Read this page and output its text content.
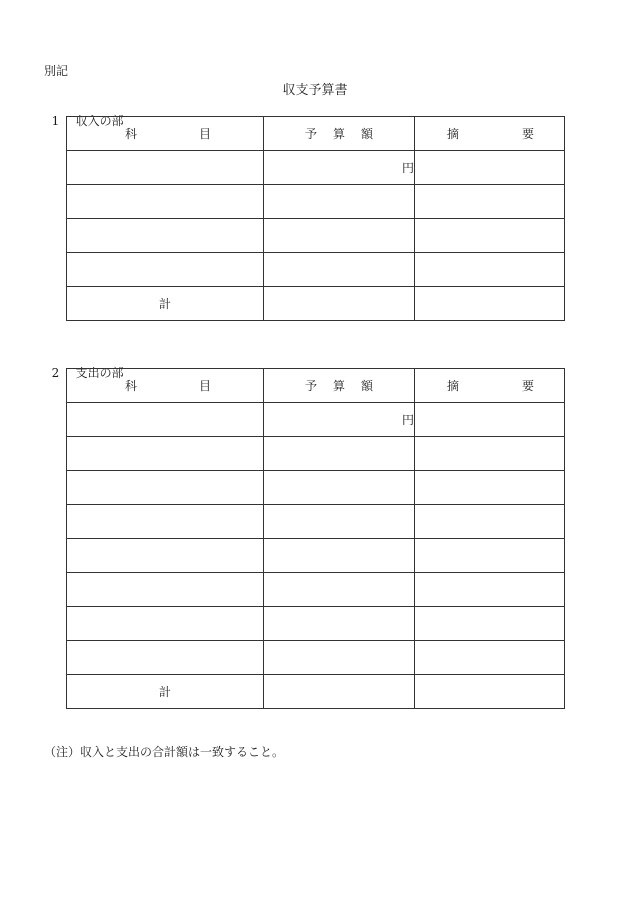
別記
収支予算書

1 収入の部

科 目	予 算 額	摘 要

	円	

計		

2 支出の部

科 目	予 算 額	摘 要

	円	

計		
（注）収入と支出の合計額は一致すること。
